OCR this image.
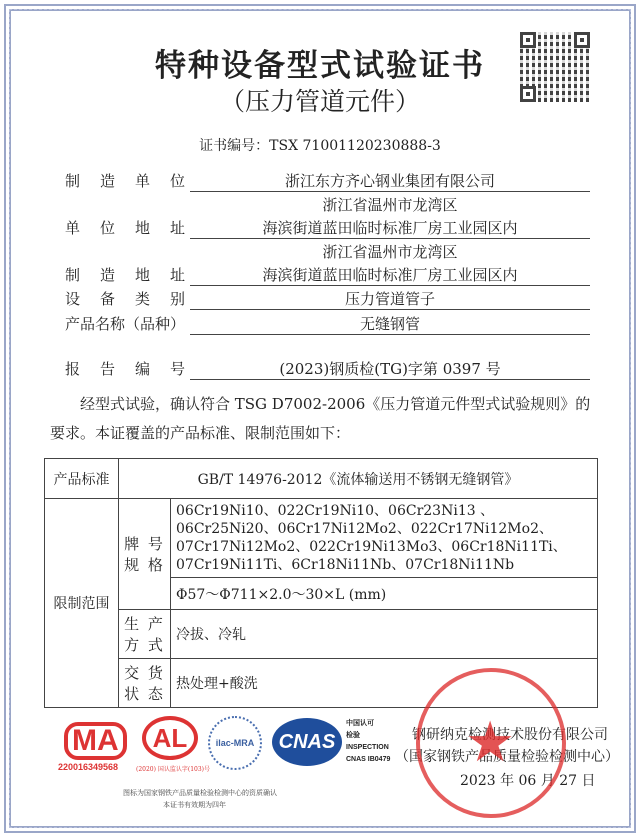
特种设备型式试验证书
（压力管道元件）
证书编号：TSX 71001120230888-3
制造单位	浙江东方齐心钢业集团有限公司
浙江省温州市龙湾区
单位地址	海滨街道蓝田临时标准厂房工业园区内
浙江省温州市龙湾区
制造地址	海滨街道蓝田临时标准厂房工业园区内
设备类别	压力管道管子
产品名称（品种）	无缝钢管
报告编号	(2023)钢质检(TG)字第 0397 号
经型式试验，确认符合 TSG D7002-2006《压力管道元件型式试验规则》的要求。本证覆盖的产品标准、限制范围如下：
产品标准	GB/T 14976-2012《流体输送用不锈钢无缝钢管》	
限制范围	牌 号 规 格	06Cr19Ni10、022Cr19Ni10、06Cr23Ni13 、06Cr25Ni20、06Cr17Ni12Mo2、022Cr17Ni12Mo2、07Cr17Ni12Mo2、022Cr19Ni13Mo3、06Cr18Ni11Ti、07Cr19Ni11Ti、6Cr18Ni11Nb、07Cr18Ni11Nb
		Φ57～Φ711×2.0～30×L (mm)
	生 产 方 式	冷拔、冷轧
	交 货 状 态	热处理+酸洗
MA
220016349568
AL
(2020) 国认监认字(103)号
ilac-MRA	CNAS
中国认可
检验
INSPECTION
CNAS IB0479
图标为国家钢铁产品质量检验检测中心的资质确认
本证书有效期为四年
钢研纳克检测技术股份有限公司
（国家钢铁产品质量检验检测中心）
2023 年 06 月 27 日
★
